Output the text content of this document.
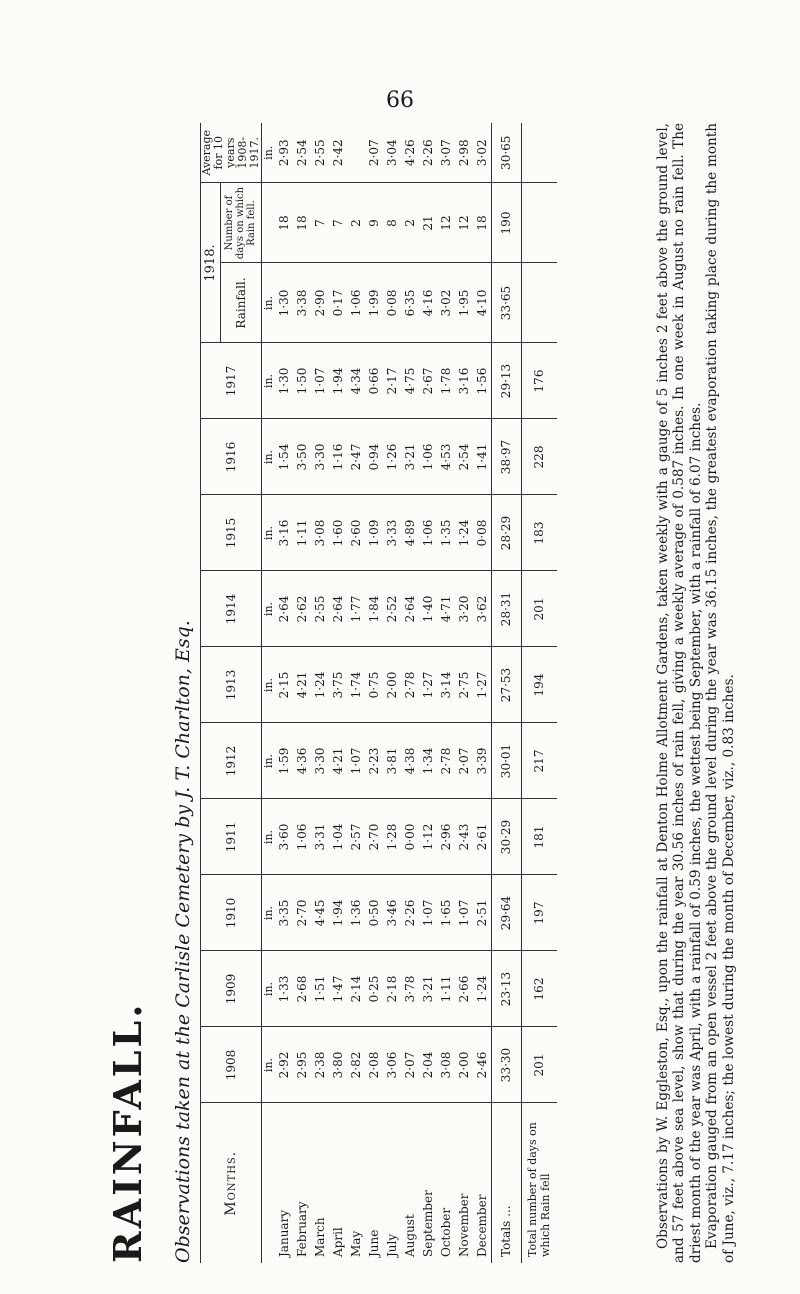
66
RAINFALL. Observations taken at the Carlisle Cemetery by J. T. Charlton, Esq. Months.	1908	1909	1910	1911	1912	1913	1914	1915	1916	1917	1918.		Average for 10 years 1908-1917.
											Rainfall.	Number of days on which Rain fell.	
	in.	in.	in.	in.	in.	in.	in.	in.	in.	in.	in.		in.
January	2·92	1·33	3·35	3·60	1·59	2·15	2·64	3·16	1·54	1·30	1·30	18	2·93
February	2·95	2·68	2·70	1·06	4·36	4·21	2·62	1·11	3·50	1·50	3·38	18	2·54
March	2·38	1·51	4·45	3·31	3·30	1·24	2·55	3·08	3·30	1·07	2·90	7	2·55
April	3·80	1·47	1·94	1·04	4·21	3·75	2·64	1·60	1·16	1·94	0·17	7	2·42
May	2·82	2·14	1·36	2·57	1·07	1·74	1·77	2·60	2·47	4·34	1·06	2	
June	2·08	0·25	0·50	2·70	2·23	0·75	1·84	1·09	0·94	0·66	1·99	9	2·07
July	3·06	2·18	3·46	1·28	3·81	2·00	2·52	3·33	1·26	2·17	0·08	8	3·04
August	2·07	3·78	2·26	0·00	4·38	2·78	2·64	4·89	3·21	4·75	6·35	2	4·26
September	2·04	3·21	1·07	1·12	1·34	1·27	1·40	1·06	1·06	2·67	4·16	21	2·26
October	3·08	1·11	1·65	2·96	2·78	3·14	4·71	1·35	4·53	1·78	3·02	12	3·07
November	2·00	2·66	1·07	2·43	2·07	2·75	3·20	1·24	2·54	3·16	1·95	12	2·98
December	2·46	1·24	2·51	2·61	3·39	1·27	3·62	0·08	1·41	1·56	4·10	18	3·02
Totals ...	33·30	23·13	29·64	30·29	30·01	27·53	28·31	28·29	38·97	29·13	33·65	190	30·65
Total number of days on which Rain fell	201	162	197	181	217	194	201	183	228	176				Observations by W. Eggleston, Esq., upon the rainfall at Denton Holme Allotment Gardens, taken weekly with a gauge of 5 inches 2 feet above the ground level, and 57 feet above sea level, show that during the year 30.56 inches of rain fell, giving a weekly average of 0.587 inches. In one week in August no rain fell. The driest month of the year was April, with a rainfall of 0.59 inches, the wettest being September, with a rainfall of 6.07 inches. Evaporation gauged from an open vessel 2 feet above the ground level during the year was 36.15 inches, the greatest evaporation taking place during the month of June, viz., 7.17 inches; the lowest during the month of December, viz., 0.83 inches.
